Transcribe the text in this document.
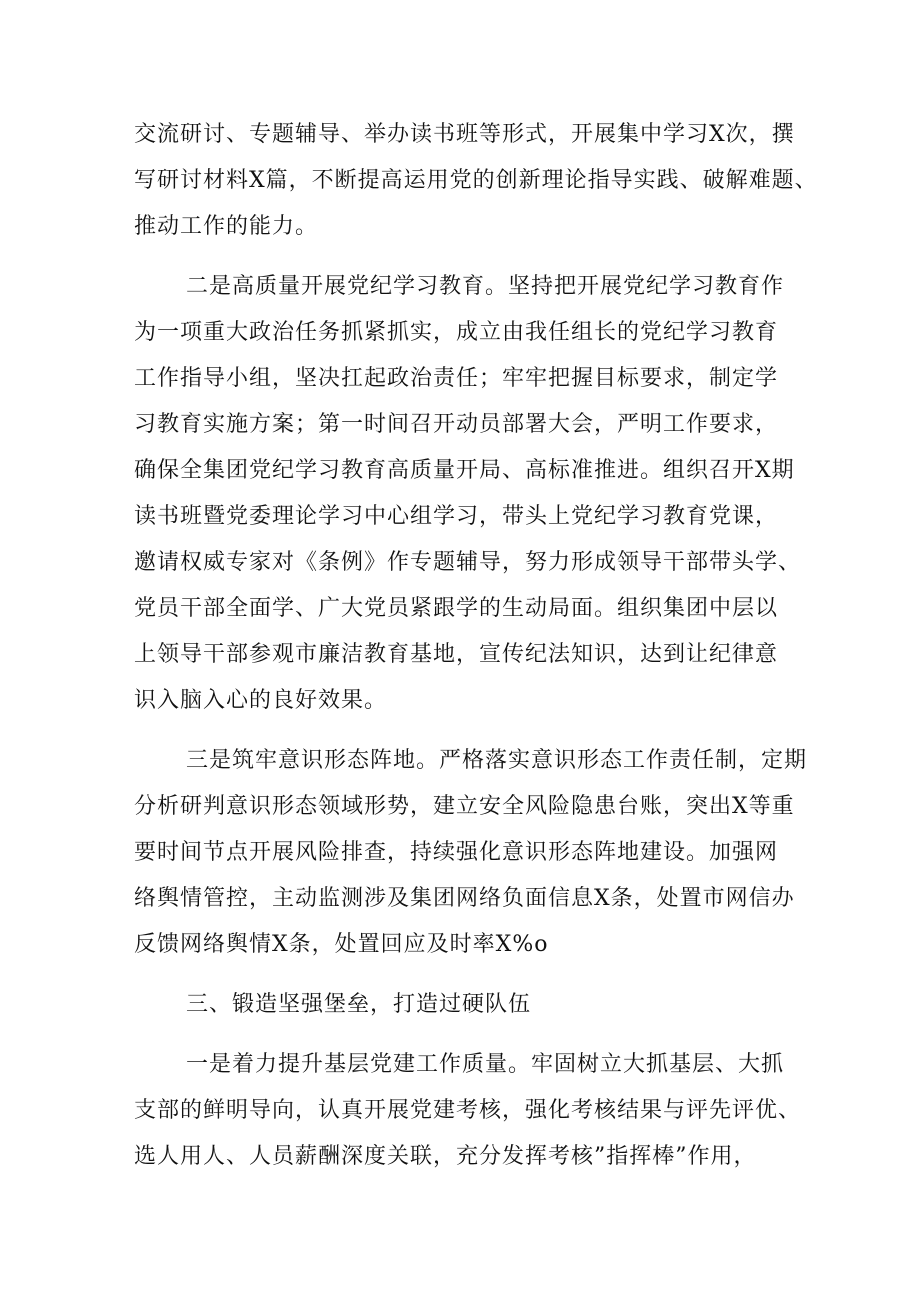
交流研讨、专题辅导、举办读书班等形式，开展集中学习X次，撰
写研讨材料X篇，不断提高运用党的创新理论指导实践、破解难题、
推动工作的能力。
二是高质量开展党纪学习教育。坚持把开展党纪学习教育作
为一项重大政治任务抓紧抓实，成立由我任组长的党纪学习教育
工作指导小组，坚决扛起政治责任；牢牢把握目标要求，制定学
习教育实施方案；第一时间召开动员部署大会，严明工作要求，
确保全集团党纪学习教育高质量开局、高标准推进。组织召开X期
读书班暨党委理论学习中心组学习，带头上党纪学习教育党课，
邀请权威专家对《条例》作专题辅导，努力形成领导干部带头学、
党员干部全面学、广大党员紧跟学的生动局面。组织集团中层以
上领导干部参观市廉洁教育基地，宣传纪法知识，达到让纪律意
识入脑入心的良好效果。
三是筑牢意识形态阵地。严格落实意识形态工作责任制，定期
分析研判意识形态领域形势，建立安全风险隐患台账，突出X等重
要时间节点开展风险排查，持续强化意识形态阵地建设。加强网
络舆情管控，主动监测涉及集团网络负面信息X条，处置市网信办
反馈网络舆情X条，处置回应及时率X%o
三、锻造坚强堡垒，打造过硬队伍
一是着力提升基层党建工作质量。牢固树立大抓基层、大抓
支部的鲜明导向，认真开展党建考核，强化考核结果与评先评优、
选人用人、人员薪酬深度关联，充分发挥考核”指挥棒”作用，
